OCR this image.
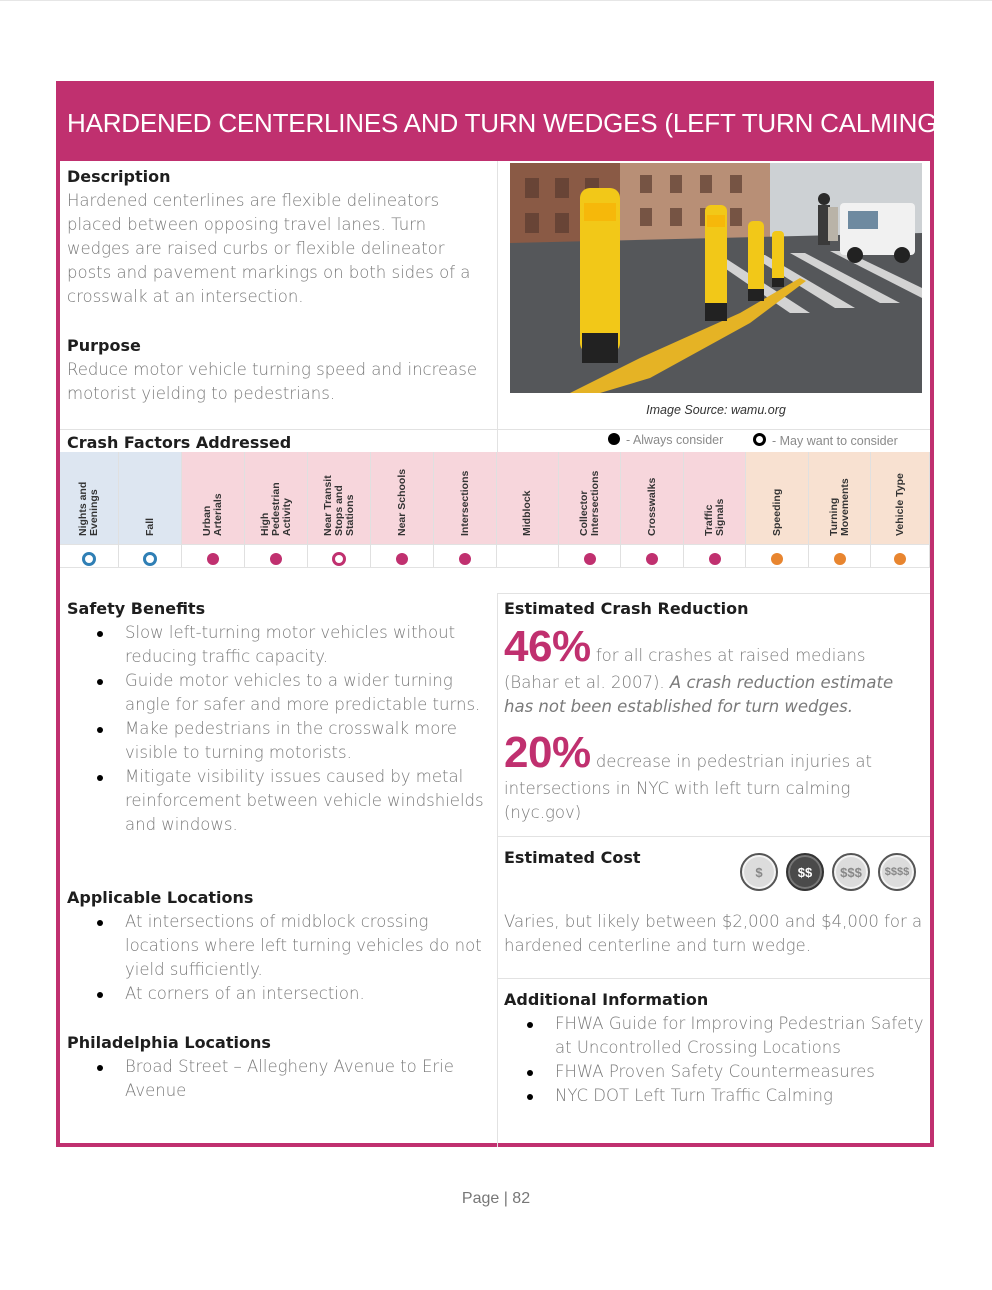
HARDENED CENTERLINES AND TURN WEDGES (LEFT TURN CALMING)
Description
Hardened centerlines are flexible delineators placed between opposing travel lanes. Turn wedges are raised curbs or flexible delineator posts and pavement markings on both sides of a crosswalk at an intersection.
Purpose
Reduce motor vehicle turning speed and increase motorist yielding to pedestrians.
Image Source: wamu.org
Crash Factors Addressed	- Always consider	- May want to consider
Nights and Evenings	Fall	Urban Arterials	High Pedestrian Activity	Near Transit Stops and Stations	Near Schools	Intersections	Midblock	Collector Intersections	Crosswalks	Traffic Signals	Speeding	Turning Movements	Vehicle Type
Safety Benefits
Slow left-turning motor vehicles without reducing traffic capacity.
Guide motor vehicles to a wider turning angle for safer and more predictable turns.
Make pedestrians in the crosswalk more visible to turning motorists.
Mitigate visibility issues caused by metal reinforcement between vehicle windshields and windows.
Applicable Locations
At intersections of midblock crossing locations where left turning vehicles do not yield sufficiently.
At corners of an intersection.
Philadelphia Locations
Broad Street – Allegheny Avenue to Erie Avenue
Estimated Crash Reduction
46% for all crashes at raised medians
(Bahar et al. 2007). A crash reduction estimate has not been established for turn wedges.
20% decrease in pedestrian injuries at
intersections in NYC with left turn calming (nyc.gov)
Estimated Cost
$	$$	$$$	$$$$
Varies, but likely between $2,000 and $4,000 for a hardened centerline and turn wedge.
Additional Information
FHWA Guide for Improving Pedestrian Safety at Uncontrolled Crossing Locations
FHWA Proven Safety Countermeasures
NYC DOT Left Turn Traffic Calming
Page | 82
